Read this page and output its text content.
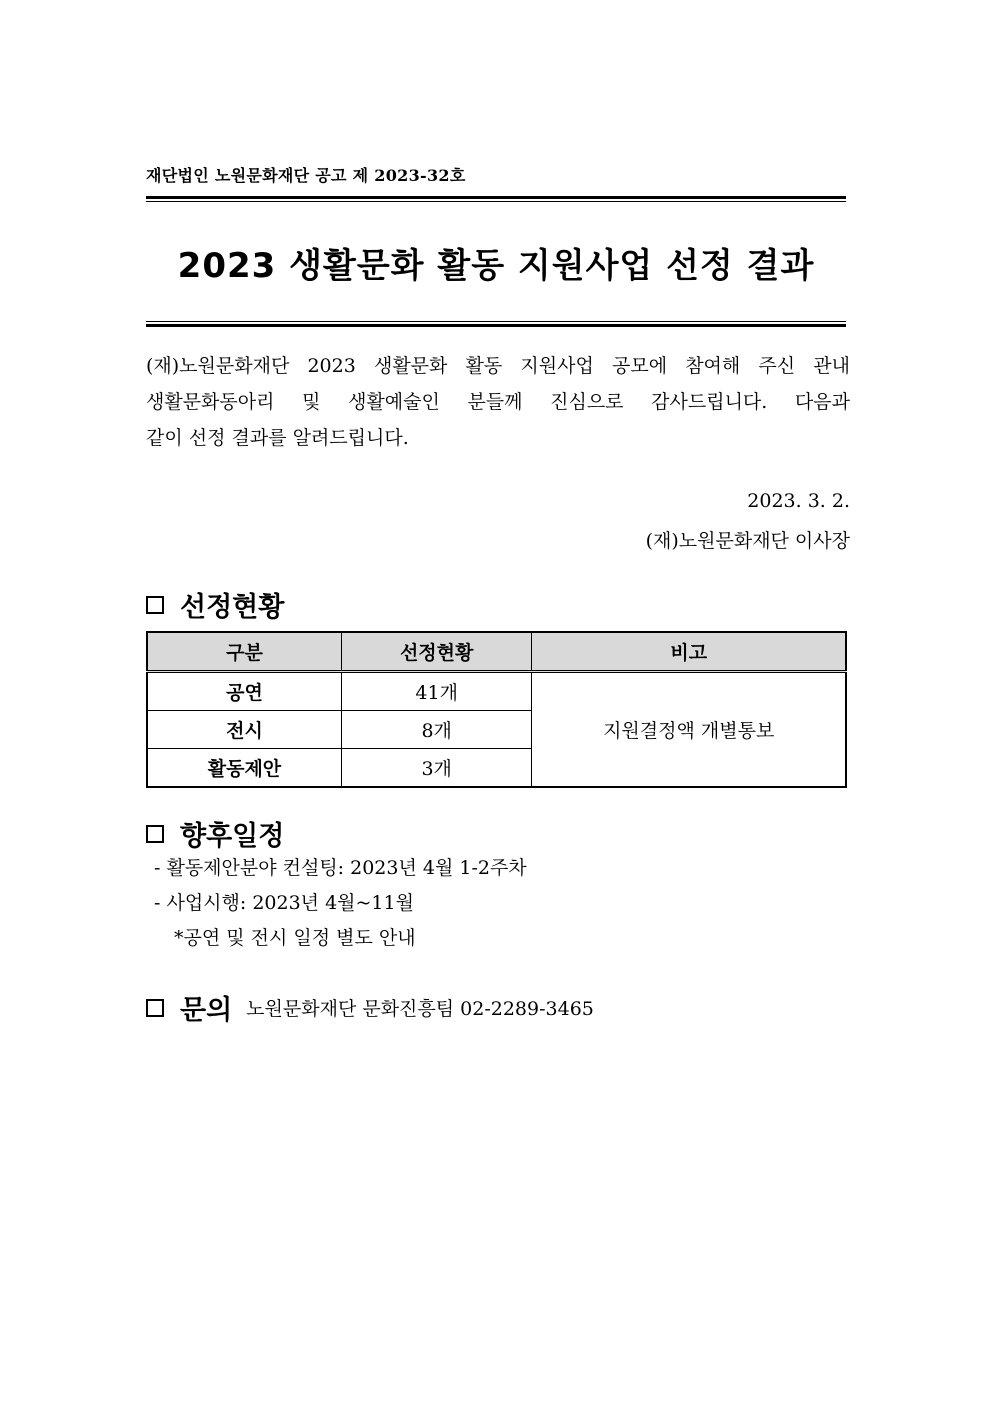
재단법인 노원문화재단 공고 제 2023-32호
2023 생활문화 활동 지원사업 선정 결과
(재)노원문화재단 2023 생활문화 활동 지원사업 공모에 참여해 주신 관내
생활문화동아리 및 생활예술인 분들께 진심으로 감사드립니다. 다음과
같이 선정 결과를 알려드립니다.
2023. 3. 2.
(재)노원문화재단 이사장
선정현황
구분	선정현황	비고
공연	41개	지원결정액 개별통보
전시	8개	
활동제안	3개	
향후일정
- 활동제안분야 컨설팅: 2023년 4월 1-2주차
- 사업시행: 2023년 4월~11월
*공연 및 전시 일정 별도 안내
문의 노원문화재단 문화진흥팀 02-2289-3465
